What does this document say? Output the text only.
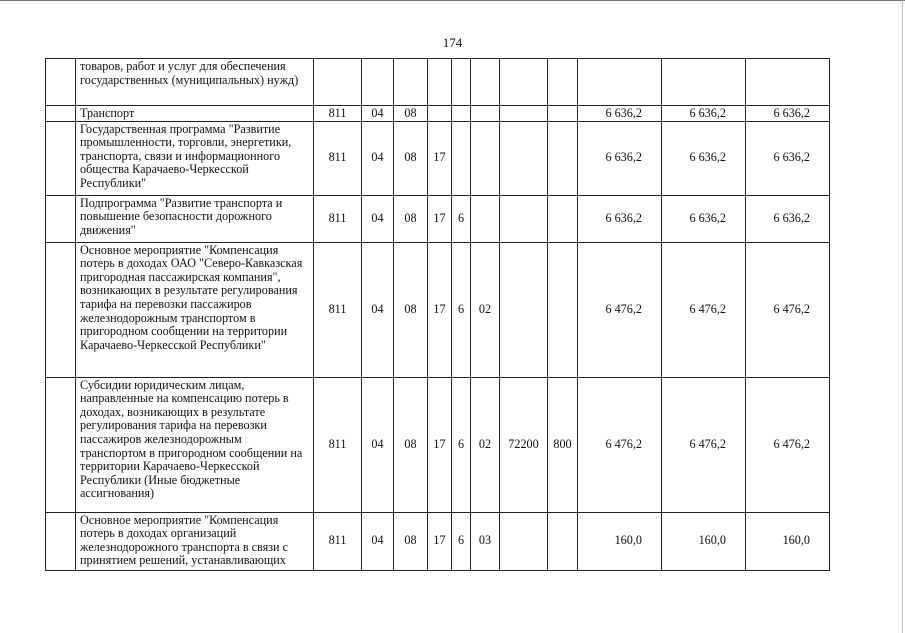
174
	товаров, работ и услуг для обеспечения государственных (муниципальных) нужд)											
	Транспорт	811	04	08						6 636,2	6 636,2	6 636,2
	Государственная программа "Развитие промышленности, торговли, энергетики, транспорта, связи и информационного общества Карачаево-Черкесской Республики"	811	04	08	17					6 636,2	6 636,2	6 636,2
	Подпрограмма "Развитие транспорта и повышение безопасности дорожного движения"	811	04	08	17	6				6 636,2	6 636,2	6 636,2
	Основное мероприятие "Компенсация потерь в доходах ОАО "Северо-Кавказская пригородная пассажирская компания", возникающих в результате регулирования тарифа на перевозки пассажиров железнодорожным транспортом в пригородном сообщении на территории Карачаево-Черкесской Республики"	811	04	08	17	6	02			6 476,2	6 476,2	6 476,2
	Субсидии юридическим лицам, направленные на компенсацию потерь в доходах, возникающих в результате регулирования тарифа на перевозки пассажиров железнодорожным транспортом в пригородном сообщении на территории Карачаево-Черкесской Республики (Иные бюджетные ассигнования)	811	04	08	17	6	02	72200	800	6 476,2	6 476,2	6 476,2
	Основное мероприятие "Компенсация потерь в доходах организаций железнодорожного транспорта в связи с принятием решений, устанавливающих	811	04	08	17	6	03			160,0	160,0	160,0
